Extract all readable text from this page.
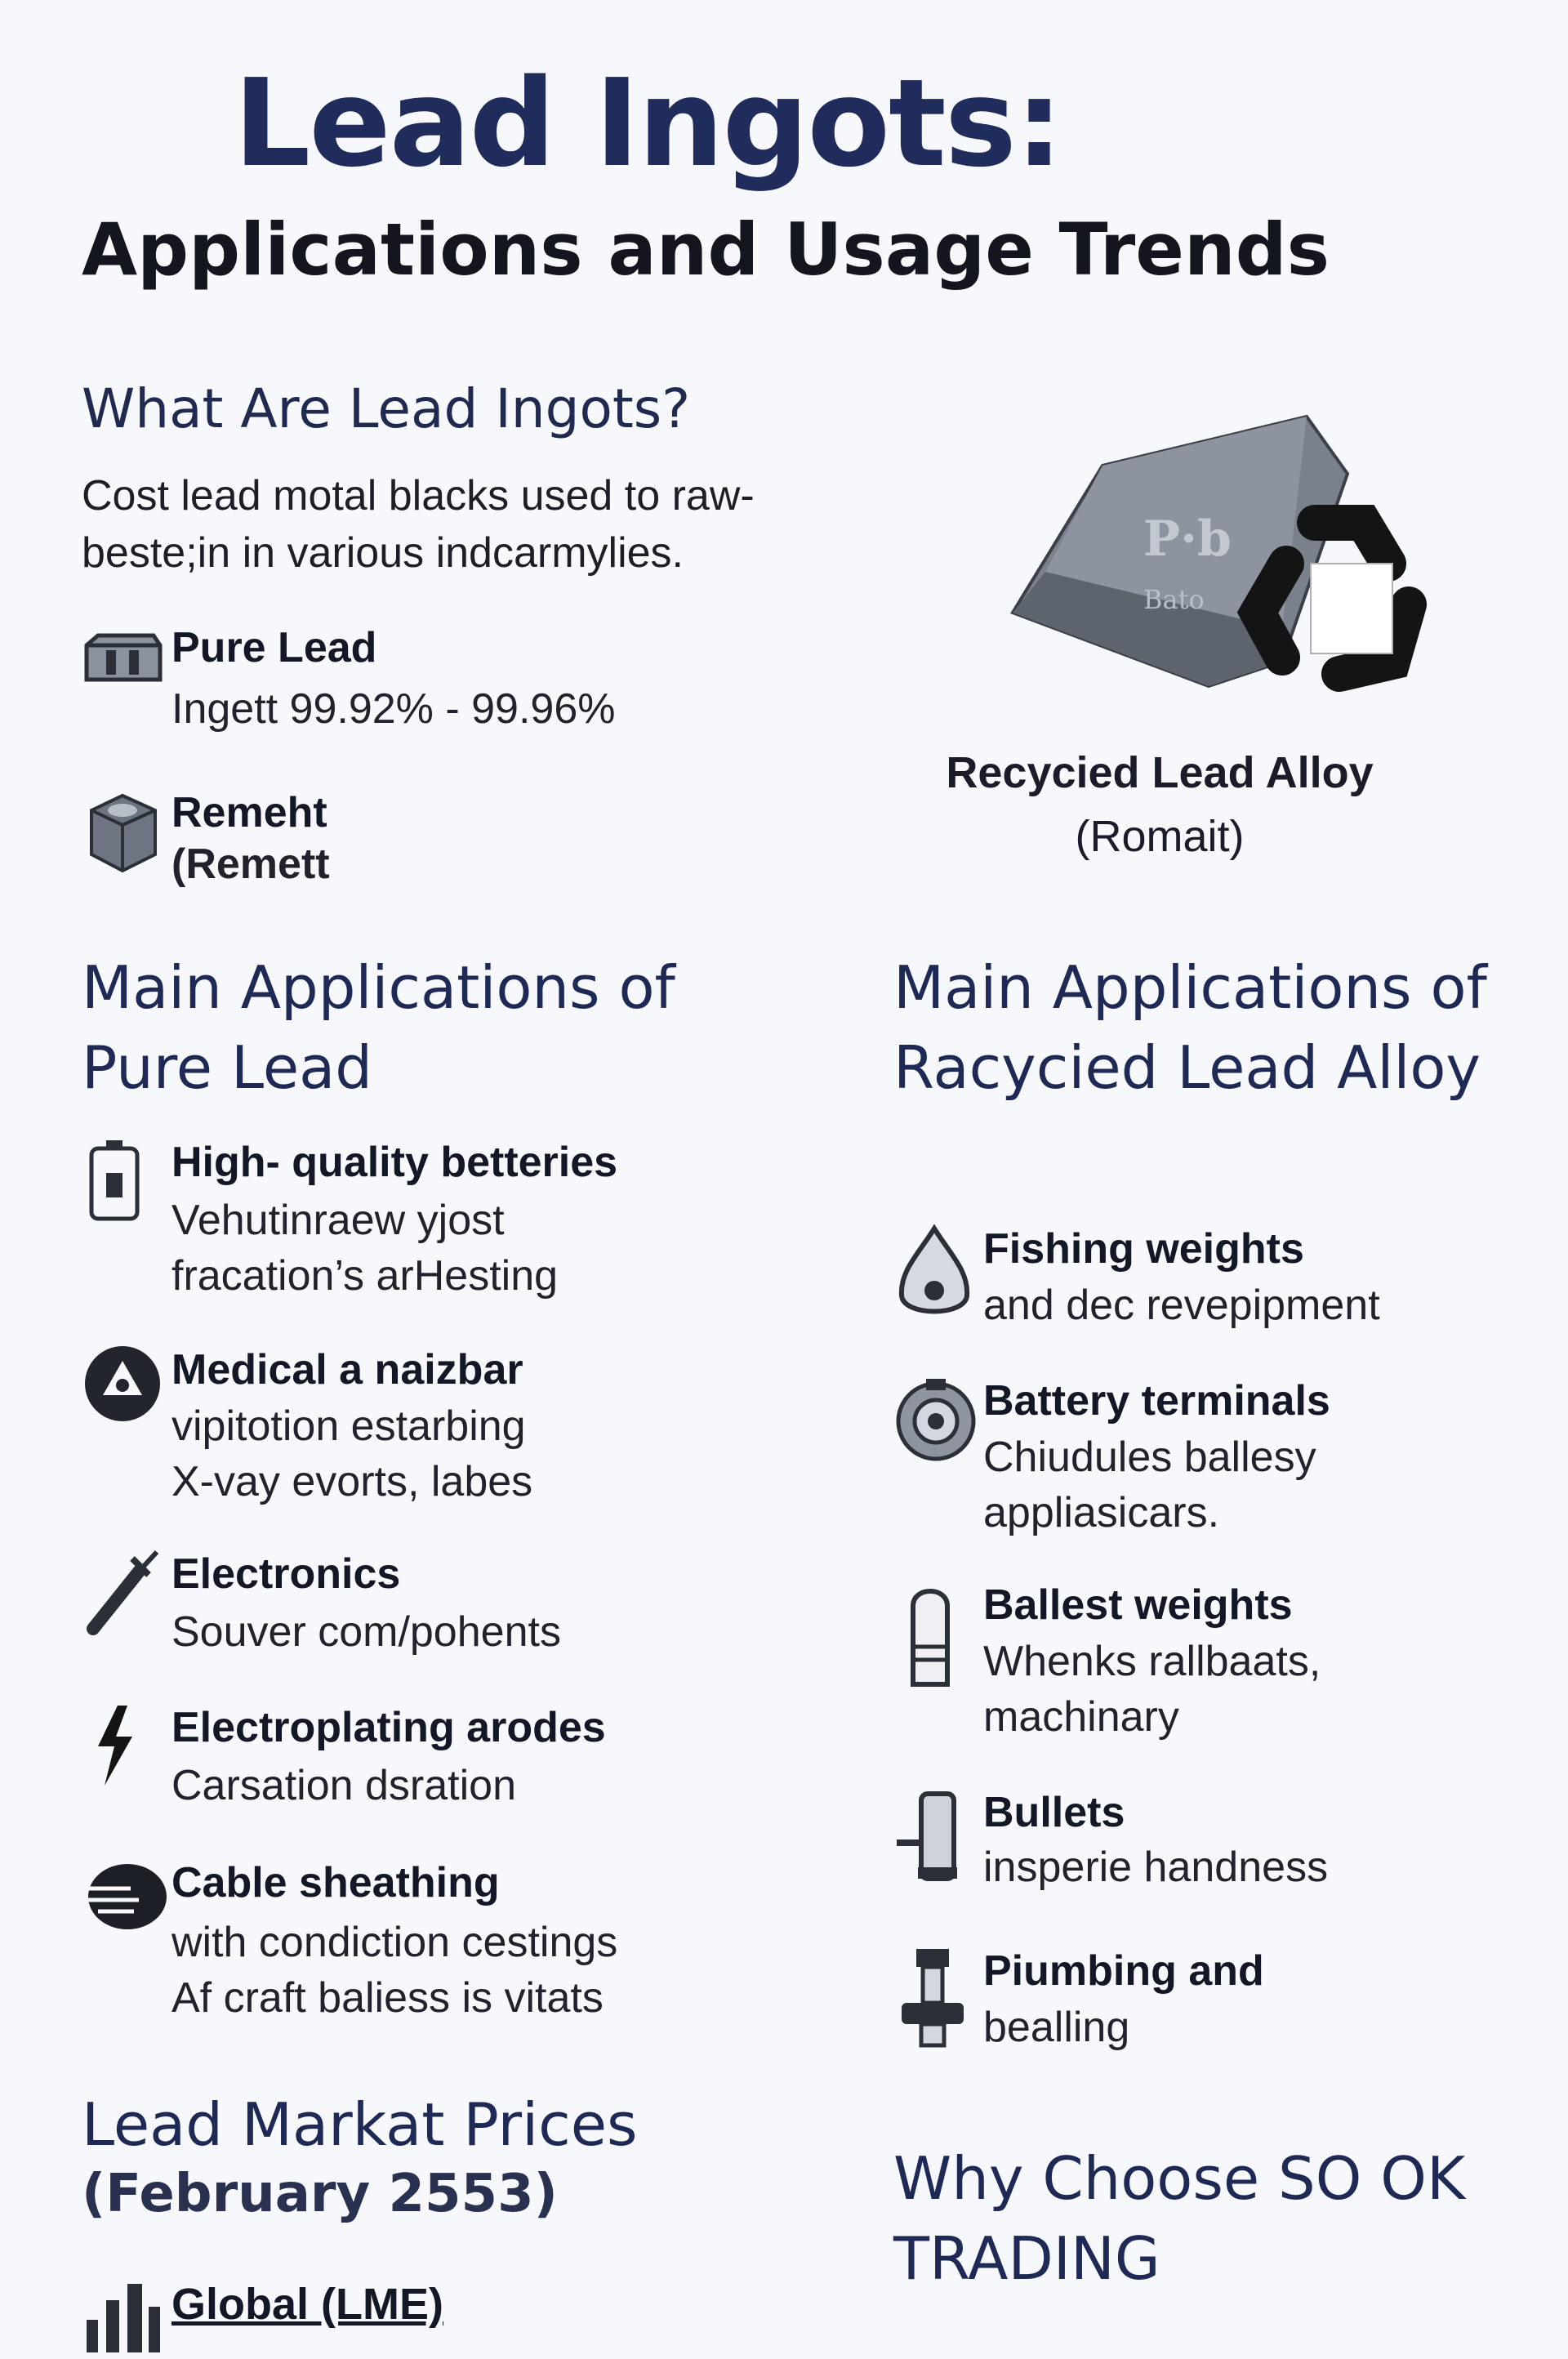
Lead Ingots:
Applications and Usage Trends
What Are Lead Ingots?
Cost lead motal blacks used to raw-beste;in in various indcarmylies.
Pure Lead
Ingett 99.92% - 99.96%
Remeht
(Remett
P·b
Bato
Recycied Lead Alloy
(Romait)
Main Applications of Pure Lead
High- quality betteries
Vehutinraew yjost
fracation’s arHesting
Medical a naizbar
vipitotion estarbing
X-vay evorts, labes
Electronics
Souver com/pohents
Electroplating arodes
Carsation dsration
Cable sheathing
with condiction cestings
Af craft baliess is vitats
Main Applications of Racycied Lead Alloy
Fishing weights
and dec revepipment
Battery terminals
Chiudules ballesy
appliasicars.
Ballest weights
Whenks rallbaats,
machinary
Bullets
insperie handness
Piumbing and
bealling
Lead Markat Prices
(February 2553)
Global (LME)
Why Choose SO OK TRADING
